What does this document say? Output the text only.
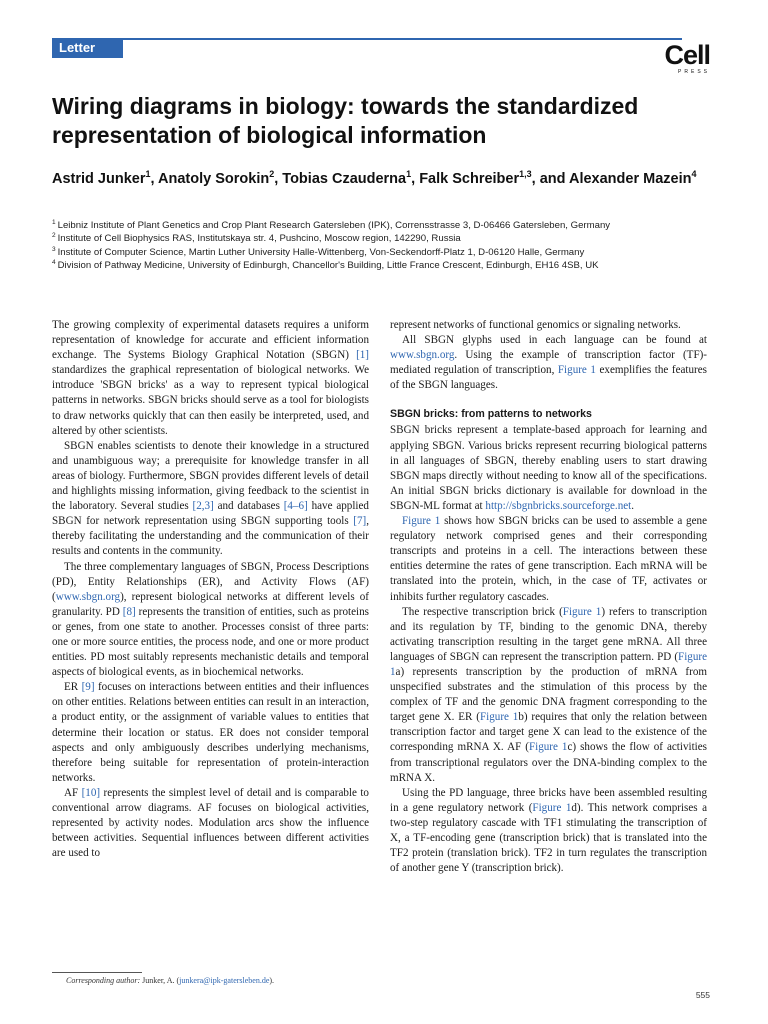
Letter	Cell
PRESS
Wiring diagrams in biology: towards the standardized representation of biological information
Astrid Junker$^1$, Anatoly Sorokin$^2$, Tobias Czauderna$^1$, Falk Schreiber$^{1,3}$, and Alexander Mazein$^4$
$^1$ Leibniz Institute of Plant Genetics and Crop Plant Research Gatersleben (IPK), Corrensstrasse 3, D-06466 Gatersleben, Germany
$^2$ Institute of Cell Biophysics RAS, Institutskaya str. 4, Pushcino, Moscow region, 142290, Russia
$^3$ Institute of Computer Science, Martin Luther University Halle-Wittenberg, Von-Seckendorff-Platz 1, D-06120 Halle, Germany
$^4$ Division of Pathway Medicine, University of Edinburgh, Chancellor's Building, Little France Crescent, Edinburgh, EH16 4SB, UK

The growing complexity of experimental datasets requires a uniform representation of knowledge for accurate and efficient information exchange. The Systems Biology Graphical Notation (SBGN) [1] standardizes the graphical representation of biological networks. We introduce 'SBGN bricks' as a way to represent typical biological patterns in networks. SBGN bricks should serve as a tool for biologists to draw networks quickly that can then easily be interpreted, used, and altered by other scientists.

SBGN enables scientists to denote their knowledge in a structured and unambiguous way; a prerequisite for knowledge transfer in all areas of biology. Furthermore, SBGN provides different levels of detail and highlights missing information, giving feedback to the scientist in the laboratory. Several studies [2,3] and databases [4–6] have applied SBGN for network representation using SBGN supporting tools [7], thereby facilitating the understanding and the communication of their results and contents in the community.

The three complementary languages of SBGN, Process Descriptions (PD), Entity Relationships (ER), and Activity Flows (AF) (www.sbgn.org), represent biological networks at different levels of granularity. PD [8] represents the transition of entities, such as proteins or genes, from one state to another. Processes consist of three parts: one or more source entities, the process node, and one or more product entities. PD most suitably represents mechanistic details and temporal aspects of biological events, as in biochemical networks.

ER [9] focuses on interactions between entities and their influences on other entities. Relations between entities can result in an interaction, a product entity, or the assignment of variable values to entities that determine their location or status. ER does not consider temporal aspects and only ambiguously describes underlying mechanisms, therefore being suitable for representation of protein-interaction networks.

AF [10] represents the simplest level of detail and is comparable to conventional arrow diagrams. AF focuses on biological activities, represented by activity nodes. Modulation arcs show the influence between activities. Sequential influences between different activities are used to

represent networks of functional genomics or signaling networks.

All SBGN glyphs used in each language can be found at www.sbgn.org. Using the example of transcription factor (TF)-mediated regulation of transcription, Figure 1 exemplifies the features of the SBGN languages.

SBGN bricks: from patterns to networks

SBGN bricks represent a template-based approach for learning and applying SBGN. Various bricks represent recurring biological patterns in all languages of SBGN, thereby enabling users to start drawing SBGN maps directly without needing to know all of the specifications. An initial SBGN bricks dictionary is available for download in the SBGN-ML format at http://sbgnbricks.sourceforge.net.

Figure 1 shows how SBGN bricks can be used to assemble a gene regulatory network comprised genes and their corresponding transcripts and proteins in a cell. The interactions between these entities determine the rates of gene transcription. Each mRNA will be translated into the protein, which, in the case of TF, activates or inhibits further regulatory cascades.

The respective transcription brick (Figure 1) refers to transcription and its regulation by TF, binding to the genomic DNA, thereby activating transcription resulting in the target gene mRNA. All three languages of SBGN can represent the transcription pattern. PD (Figure 1a) represents transcription by the production of mRNA from unspecified substrates and the stimulation of this process by the complex of TF and the genomic DNA fragment corresponding to the target gene X. ER (Figure 1b) requires that only the relation between transcription factor and target gene X can lead to the existence of the corresponding mRNA X. AF (Figure 1c) shows the flow of activities from transcriptional regulators over the DNA-binding complex to the mRNA X.

Using the PD language, three bricks have been assembled resulting in a gene regulatory network (Figure 1d). This network comprises a two-step regulatory cascade with TF1 stimulating the transcription of X, a TF-encoding gene (transcription brick) that is translated into the TF2 protein (translation brick). TF2 in turn regulates the transcription of another gene Y (transcription brick).

Corresponding author: Junker, A. (junkera@ipk-gatersleben.de).
555
